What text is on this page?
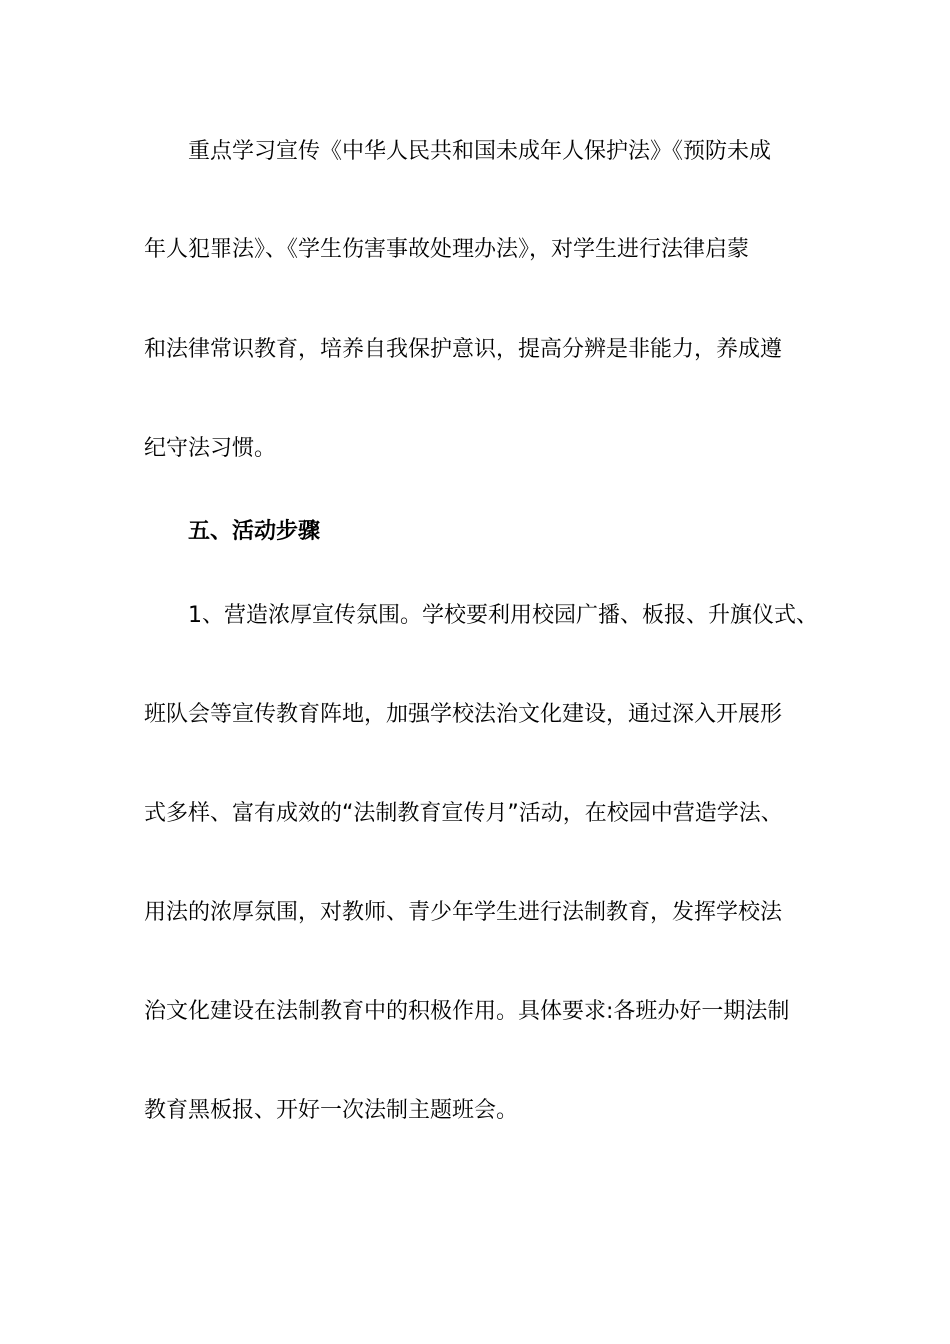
重点学习宣传《中华人民共和国未成年人保护法》《预防未成
年人犯罪法》、《学生伤害事故处理办法》，对学生进行法律启蒙
和法律常识教育，培养自我保护意识，提高分辨是非能力，养成遵
纪守法习惯。
五、活动步骤
1、营造浓厚宣传氛围。学校要利用校园广播、板报、升旗仪式、
班队会等宣传教育阵地，加强学校法治文化建设，通过深入开展形
式多样、富有成效的“法制教育宣传月”活动，在校园中营造学法、
用法的浓厚氛围，对教师、青少年学生进行法制教育，发挥学校法
治文化建设在法制教育中的积极作用。具体要求:各班办好一期法制
教育黑板报、开好一次法制主题班会。
